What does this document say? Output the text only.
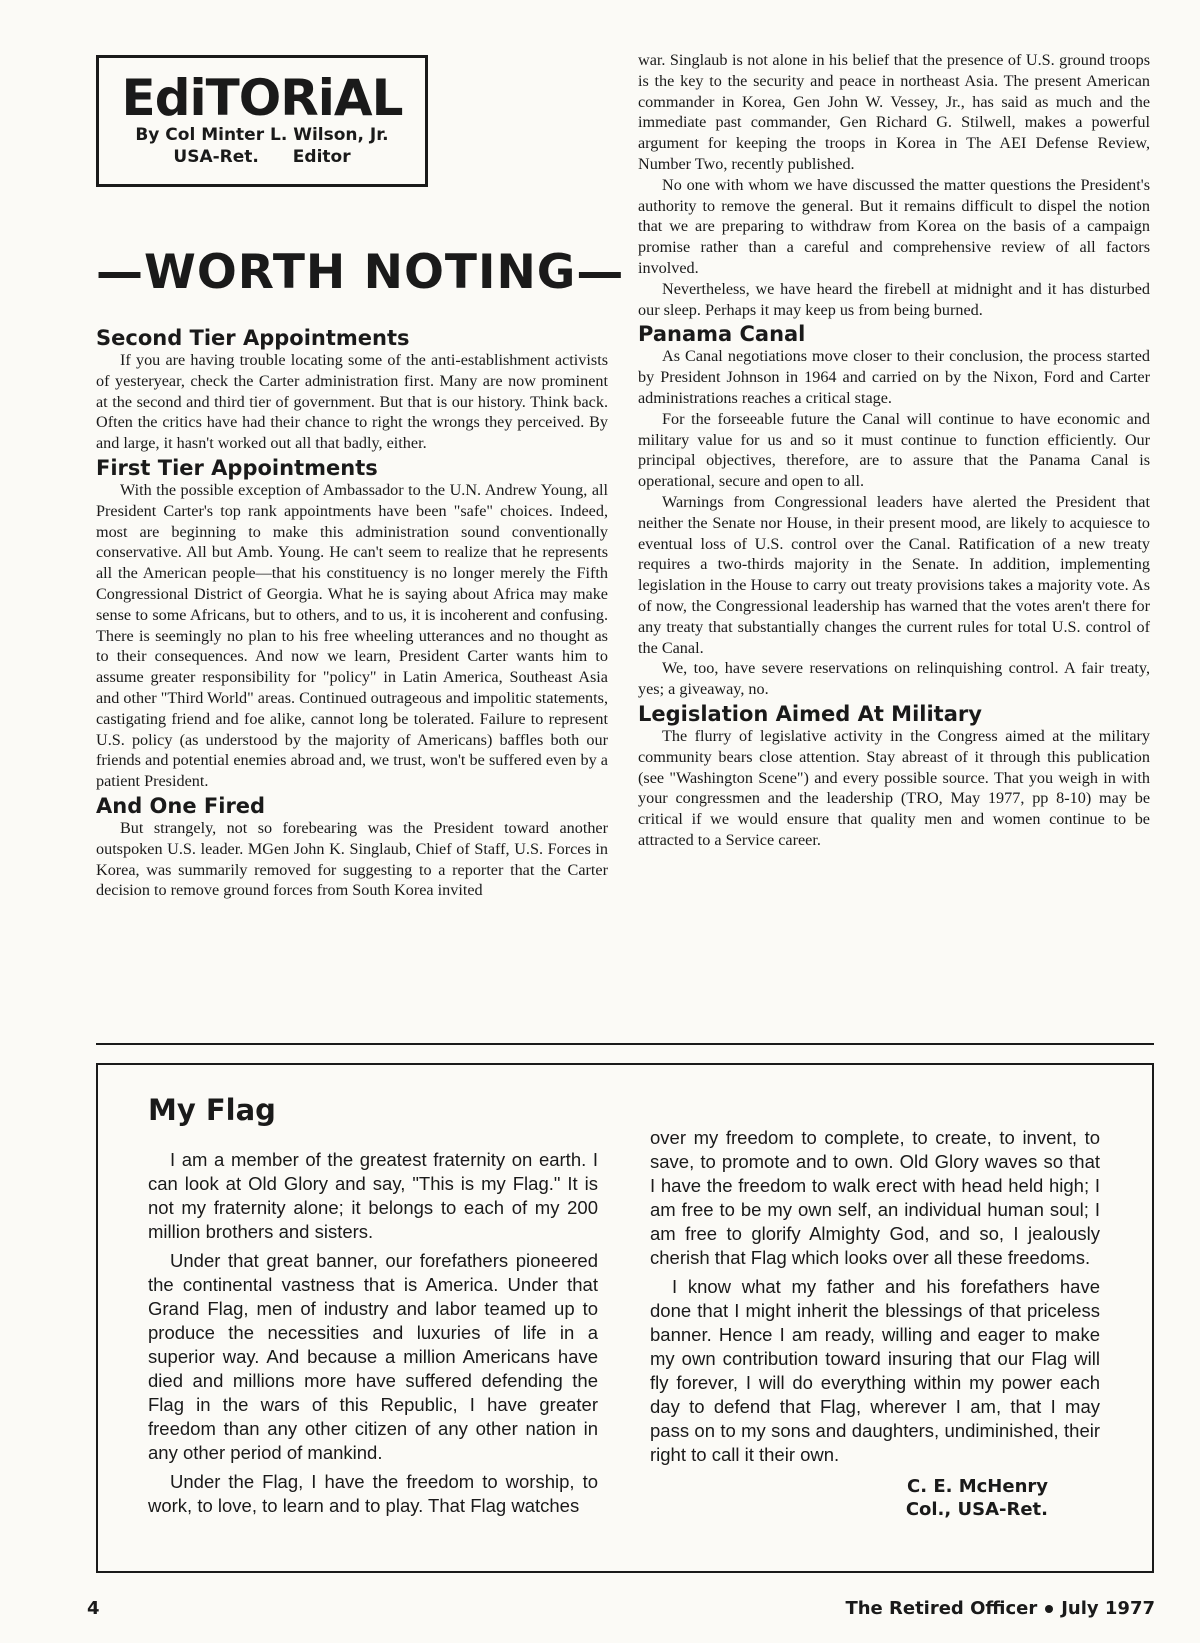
EdiTORiAL
By Col Minter L. Wilson, Jr.
USA-Ret. Editor
—WORTH NOTING—
Second Tier Appointments

If you are having trouble locating some of the anti-establishment activists of yesteryear, check the Carter administration first. Many are now prominent at the second and third tier of government. But that is our history. Think back. Often the critics have had their chance to right the wrongs they perceived. By and large, it hasn't worked out all that badly, either.

First Tier Appointments

With the possible exception of Ambassador to the U.N. Andrew Young, all President Carter's top rank appointments have been "safe" choices. Indeed, most are beginning to make this administration sound conventionally conservative. All but Amb. Young. He can't seem to realize that he represents all the American people—that his constituency is no longer merely the Fifth Congressional District of Georgia. What he is saying about Africa may make sense to some Africans, but to others, and to us, it is incoherent and confusing. There is seemingly no plan to his free wheeling utterances and no thought as to their consequences. And now we learn, President Carter wants him to assume greater responsibility for "policy" in Latin America, Southeast Asia and other "Third World" areas. Continued outrageous and impolitic statements, castigating friend and foe alike, cannot long be tolerated. Failure to represent U.S. policy (as understood by the majority of Americans) baffles both our friends and potential enemies abroad and, we trust, won't be suffered even by a patient President.

And One Fired

But strangely, not so forebearing was the President toward another outspoken U.S. leader. MGen John K. Singlaub, Chief of Staff, U.S. Forces in Korea, was summarily removed for suggesting to a reporter that the Carter decision to remove ground forces from South Korea invited

war. Singlaub is not alone in his belief that the presence of U.S. ground troops is the key to the security and peace in northeast Asia. The present American commander in Korea, Gen John W. Vessey, Jr., has said as much and the immediate past commander, Gen Richard G. Stilwell, makes a powerful argument for keeping the troops in Korea in The AEI Defense Review, Number Two, recently published.

No one with whom we have discussed the matter questions the President's authority to remove the general. But it remains difficult to dispel the notion that we are preparing to withdraw from Korea on the basis of a campaign promise rather than a careful and comprehensive review of all factors involved.

Nevertheless, we have heard the firebell at midnight and it has disturbed our sleep. Perhaps it may keep us from being burned.

Panama Canal

As Canal negotiations move closer to their conclusion, the process started by President Johnson in 1964 and carried on by the Nixon, Ford and Carter administrations reaches a critical stage.

For the forseeable future the Canal will continue to have economic and military value for us and so it must continue to function efficiently. Our principal objectives, therefore, are to assure that the Panama Canal is operational, secure and open to all.

Warnings from Congressional leaders have alerted the President that neither the Senate nor House, in their present mood, are likely to acquiesce to eventual loss of U.S. control over the Canal. Ratification of a new treaty requires a two-thirds majority in the Senate. In addition, implementing legislation in the House to carry out treaty provisions takes a majority vote. As of now, the Congressional leadership has warned that the votes aren't there for any treaty that substantially changes the current rules for total U.S. control of the Canal.

We, too, have severe reservations on relinquishing control. A fair treaty, yes; a giveaway, no.

Legislation Aimed At Military

The flurry of legislative activity in the Congress aimed at the military community bears close attention. Stay abreast of it through this publication (see "Washington Scene") and every possible source. That you weigh in with your congressmen and the leadership (TRO, May 1977, pp 8-10) may be critical if we would ensure that quality men and women continue to be attracted to a Service career.

My Flag

I am a member of the greatest fraternity on earth. I can look at Old Glory and say, "This is my Flag." It is not my fraternity alone; it belongs to each of my 200 million brothers and sisters.

Under that great banner, our forefathers pioneered the continental vastness that is America. Under that Grand Flag, men of industry and labor teamed up to produce the necessities and luxuries of life in a superior way. And because a million Americans have died and millions more have suffered defending the Flag in the wars of this Republic, I have greater freedom than any other citizen of any other nation in any other period of mankind.

Under the Flag, I have the freedom to worship, to work, to love, to learn and to play. That Flag watches

over my freedom to complete, to create, to invent, to save, to promote and to own. Old Glory waves so that I have the freedom to walk erect with head held high; I am free to be my own self, an individual human soul; I am free to glorify Almighty God, and so, I jealously cherish that Flag which looks over all these freedoms.

I know what my father and his forefathers have done that I might inherit the blessings of that priceless banner. Hence I am ready, willing and eager to make my own contribution toward insuring that our Flag will fly forever, I will do everything within my power each day to defend that Flag, wherever I am, that I may pass on to my sons and daughters, undiminished, their right to call it their own.

C. E. McHenry
Col., USA-Ret.
4	The Retired Officer July 1977
